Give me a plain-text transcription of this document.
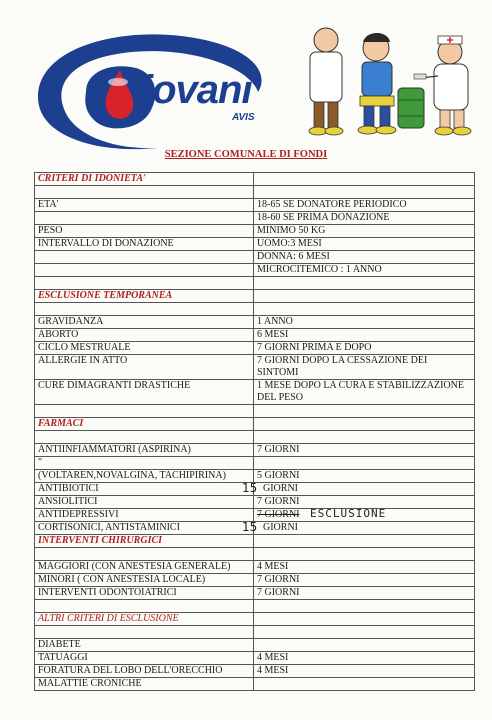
iovani
AVIS
SEZIONE COMUNALE DI FONDI
CRITERI DI IDONIETA'	

ETA'	18-65 SE DONATORE PERIODICO
	18-60 SE PRIMA DONAZIONE
PESO	MINIMO 50 KG
INTERVALLO DI DONAZIONE	UOMO:3 MESI
	DONNA: 6 MESI
	MICROCITEMICO : 1 ANNO

ESCLUSIONE TEMPORANEA	

GRAVIDANZA	1 ANNO
ABORTO	6 MESI
CICLO MESTRUALE	7 GIORNI PRIMA E DOPO
ALLERGIE IN ATTO	7 GIORNI DOPO LA CESSAZIONE DEI SINTOMI
CURE DIMAGRANTI DRASTICHE	1 MESE DOPO LA CURA E STABILIZZAZIONE DEL PESO

FARMACI	

ANTIINFIAMMATORI (ASPIRINA)	7 GIORNI
"	
(VOLTAREN,NOVALGINA, TACHIPIRINA)	5 GIORNI
ANTIBIOTICI	15 GIORNI
ANSIOLITICI	7 GIORNI
ANTIDEPRESSIVI	7 GIORNI
CORTISONICI, ANTISTAMINICI	15 GIORNI
INTERVENTI CHIRURGICI	

MAGGIORI (CON ANESTESIA GENERALE)	4 MESI
MINORI ( CON ANESTESIA LOCALE)	7 GIORNI
INTERVENTI ODONTOIATRICI	7 GIORNI

ALTRI CRITERI DI ESCLUSIONE	

DIABETE	
TATUAGGI	4 MESI
FORATURA DEL LOBO DELL'ORECCHIO	4 MESI
MALATTIE CRONICHE	
ESCLUSIONE
